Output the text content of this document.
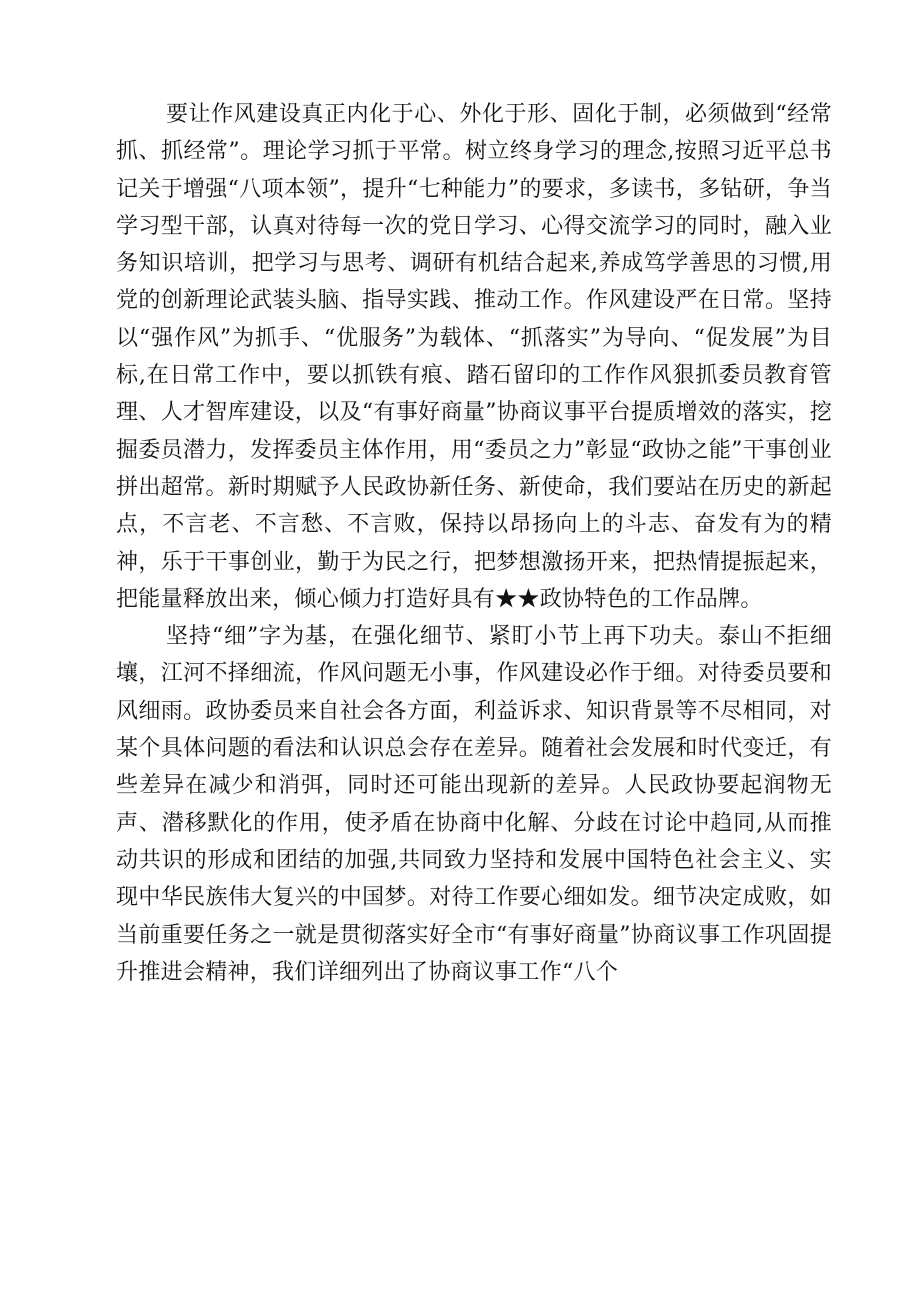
要让作风建设真正内化于心、外化于形、固化于制，必须做到“经常抓、抓经常”。理论学习抓于平常。树立终身学习的理念,按照习近平总书记关于增强“八项本领”，提升“七种能力”的要求，多读书，多钻研，争当学习型干部，认真对待每一次的党日学习、心得交流学习的同时，融入业务知识培训，把学习与思考、调研有机结合起来,养成笃学善思的习惯,用党的创新理论武装头脑、指导实践、推动工作。作风建设严在日常。坚持以“强作风”为抓手、“优服务”为载体、“抓落实”为导向、“促发展”为目标,在日常工作中，要以抓铁有痕、踏石留印的工作作风狠抓委员教育管理、人才智库建设，以及“有事好商量”协商议事平台提质增效的落实，挖掘委员潜力，发挥委员主体作用，用“委员之力”彰显“政协之能”干事创业拼出超常。新时期赋予人民政协新任务、新使命，我们要站在历史的新起点，不言老、不言愁、不言败，保持以昂扬向上的斗志、奋发有为的精神，乐于干事创业，勤于为民之行，把梦想激扬开来，把热情提振起来，把能量释放出来，倾心倾力打造好具有★★政协特色的工作品牌。

坚持“细”字为基，在强化细节、紧盯小节上再下功夫。泰山不拒细壤，江河不择细流，作风问题无小事，作风建设必作于细。对待委员要和风细雨。政协委员来自社会各方面，利益诉求、知识背景等不尽相同，对某个具体问题的看法和认识总会存在差异。随着社会发展和时代变迁，有些差异在减少和消弭，同时还可能出现新的差异。人民政协要起润物无声、潜移默化的作用，使矛盾在协商中化解、分歧在讨论中趋同,从而推动共识的形成和团结的加强,共同致力坚持和发展中国特色社会主义、实现中华民族伟大复兴的中国梦。对待工作要心细如发。细节决定成败，如当前重要任务之一就是贯彻落实好全市“有事好商量”协商议事工作巩固提升推进会精神，我们详细列出了协商议事工作“八个
